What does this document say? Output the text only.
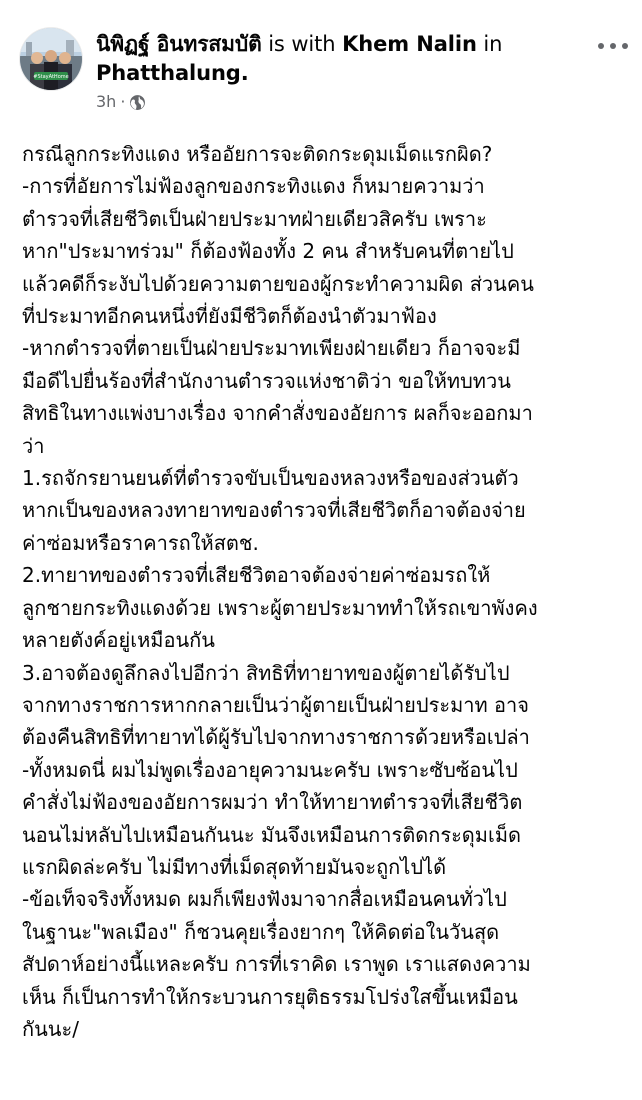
#StayAtHome
นิพิฏฐ์ อินทรสมบัติ is with Khem Nalin in
Phatthalung.
3h ·

กรณีลูกกระทิงแดง หรืออัยการจะติดกระดุมเม็ดแรกผิด?

-การที่อัยการไม่ฟ้องลูกของกระทิงแดง ก็หมายความว่า

ตำรวจที่เสียชีวิตเป็นฝ่ายประมาทฝ่ายเดียวสิครับ เพราะ

หาก"ประมาทร่วม" ก็ต้องฟ้องทั้ง 2 คน สำหรับคนที่ตายไป

แล้วคดีก็ระงับไปด้วยความตายของผู้กระทำความผิด ส่วนคน

ที่ประมาทอีกคนหนึ่งที่ยังมีชีวิตก็ต้องนำตัวมาฟ้อง

-หากตำรวจที่ตายเป็นฝ่ายประมาทเพียงฝ่ายเดียว ก็อาจจะมี

มือดีไปยื่นร้องที่สำนักงานตำรวจแห่งชาติว่า ขอให้ทบทวน

สิทธิในทางแพ่งบางเรื่อง จากคำสั่งของอัยการ ผลก็จะออกมา

ว่า

1.รถจักรยานยนต์ที่ตำรวจขับเป็นของหลวงหรือของส่วนตัว

หากเป็นของหลวงทายาทของตำรวจที่เสียชีวิตก็อาจต้องจ่าย

ค่าซ่อมหรือราคารถให้สตช.

2.ทายาทของตำรวจที่เสียชีวิตอาจต้องจ่ายค่าซ่อมรถให้

ลูกชายกระทิงแดงด้วย เพราะผู้ตายประมาททำให้รถเขาพังคง

หลายตังค์อยู่เหมือนกัน

3.อาจต้องดูลึกลงไปอีกว่า สิทธิที่ทายาทของผู้ตายได้รับไป

จากทางราชการหากกลายเป็นว่าผู้ตายเป็นฝ่ายประมาท อาจ

ต้องคืนสิทธิที่ทายาทได้ผู้รับไปจากทางราชการด้วยหรือเปล่า

-ทั้งหมดนี่ ผมไม่พูดเรื่องอายุความนะครับ เพราะซับซ้อนไป

คำสั่งไม่ฟ้องของอัยการผมว่า ทำให้ทายาทตำรวจที่เสียชีวิต

นอนไม่หลับไปเหมือนกันนะ มันจึงเหมือนการติดกระดุมเม็ด

แรกผิดล่ะครับ ไม่มีทางที่เม็ดสุดท้ายมันจะถูกไปได้

-ข้อเท็จจริงทั้งหมด ผมก็เพียงฟังมาจากสื่อเหมือนคนทั่วไป

ในฐานะ"พลเมือง" ก็ชวนคุยเรื่องยากๆ ให้คิดต่อในวันสุด

สัปดาห์อย่างนี้แหละครับ การที่เราคิด เราพูด เราแสดงความ

เห็น ก็เป็นการทำให้กระบวนการยุติธรรมโปร่งใสขึ้นเหมือน

กันนะ/
